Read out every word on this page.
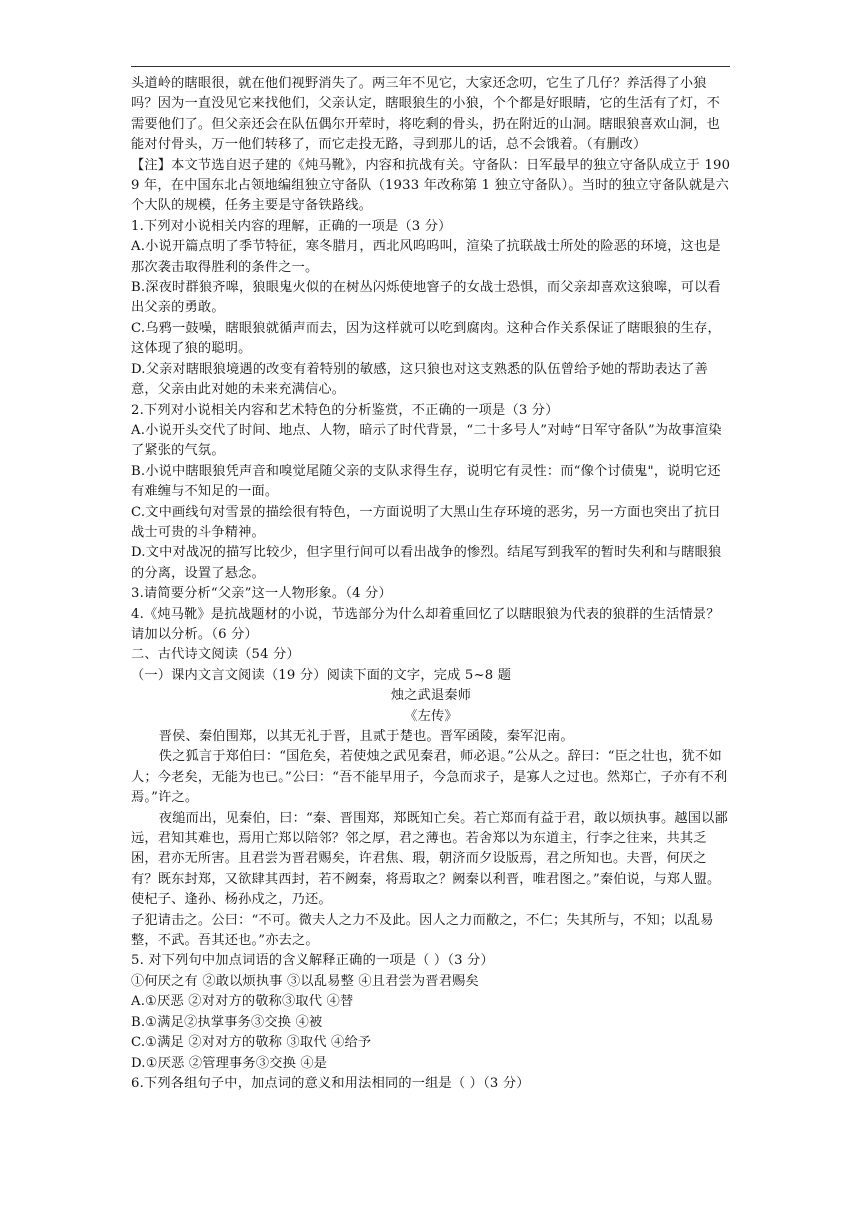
头道岭的瞎眼很，就在他们视野消失了。两三年不见它，大家还念叨，它生了几仔？养活得了小狼吗？因为一直没见它来找他们，父亲认定，瞎眼狼生的小狼，个个都是好眼睛，它的生活有了灯，不需要他们了。但父亲还会在队伍偶尔开荤时，将吃剩的骨头，扔在附近的山洞。瞎眼狼喜欢山洞，也能对付骨头，万一他们转移了，而它走投无路，寻到那儿的话，总不会饿着。（有删改）

【注】本文节选自迟子建的《炖马靴》，内容和抗战有关。守备队：日军最早的独立守备队成立于 1909 年，在中国东北占领地编组独立守备队（1933 年改称第 1 独立守备队）。当时的独立守备队就是六个大队的规模，任务主要是守备铁路线。

1.下列对小说相关内容的理解，正确的一项是（3 分）

A.小说开篇点明了季节特征，寒冬腊月，西北风呜呜叫，渲染了抗联战士所处的险恶的环境，这也是那次袭击取得胜利的条件之一。

B.深夜时群狼齐嗥，狼眼鬼火似的在树丛闪烁使地窨子的女战士恐惧，而父亲却喜欢这狼嗥，可以看出父亲的勇敢。

C.乌鸦一鼓噪，瞎眼狼就循声而去，因为这样就可以吃到腐肉。这种合作关系保证了瞎眼狼的生存，这体现了狼的聪明。

D.父亲对瞎眼狼境遇的改变有着特别的敏感，这只狼也对这支熟悉的队伍曾给予她的帮助表达了善意，父亲由此对她的未来充满信心。

2.下列对小说相关内容和艺术特色的分析鉴赏，不正确的一项是（3 分）

A.小说开头交代了时间、地点、人物，暗示了时代背景，“二十多号人”对峙“日军守备队”为故事渲染了紧张的气氛。

B.小说中瞎眼狼凭声音和嗅觉尾随父亲的支队求得生存，说明它有灵性：而“像个讨债鬼"，说明它还有难缠与不知足的一面。

C.文中画线句对雪景的描绘很有特色，一方面说明了大黑山生存环境的恶劣，另一方面也突出了抗日战士可贵的斗争精神。

D.文中对战况的描写比较少，但字里行间可以看出战争的惨烈。结尾写到我军的暂时失利和与瞎眼狼的分离，设置了悬念。

3.请简要分析“父亲”这一人物形象。（4 分）

4.《炖马靴》是抗战题材的小说，节选部分为什么却着重回忆了以瞎眼狼为代表的狼群的生活情景？请加以分析。（6 分）

二、古代诗文阅读（54 分）

（一）课内文言文阅读（19 分）阅读下面的文字，完成 5~8 题

烛之武退秦师

《左传》

晋侯、秦伯围郑，以其无礼于晋，且贰于楚也。晋军函陵，秦军氾南。

佚之狐言于郑伯曰：“国危矣，若使烛之武见秦君，师必退。”公从之。辞曰：“臣之壮也，犹不如人；今老矣，无能为也已。”公曰：“吾不能早用子，今急而求子，是寡人之过也。然郑亡，子亦有不利焉。”许之。

夜缒而出，见秦伯，曰：“秦、晋围郑，郑既知亡矣。若亡郑而有益于君，敢以烦执事。越国以鄙远，君知其难也，焉用亡郑以陪邻？邻之厚，君之薄也。若舍郑以为东道主，行李之往来，共其乏困，君亦无所害。且君尝为晋君赐矣，许君焦、瑕，朝济而夕设版焉，君之所知也。夫晋，何厌之有？既东封郑，又欲肆其西封，若不阙秦，将焉取之？阙秦以利晋，唯君图之。”秦伯说，与郑人盟。使杞子、逢孙、杨孙戍之，乃还。

子犯请击之。公曰：“不可。微夫人之力不及此。因人之力而敝之，不仁；失其所与，不知；以乱易整，不武。吾其还也。”亦去之。

5. 对下列句中加点词语的含义解释正确的一项是（ ）（3 分）

①何厌之有 ②敢以烦执事 ③以乱易整 ④且君尝为晋君赐矣

A.①厌恶 ②对对方的敬称③取代 ④替

B.①满足②执掌事务③交换 ④被

C.①满足 ②对对方的敬称 ③取代 ④给予

D.①厌恶 ②管理事务③交换 ④是

6.下列各组句子中，加点词的意义和用法相同的一组是（ ）（3 分）
